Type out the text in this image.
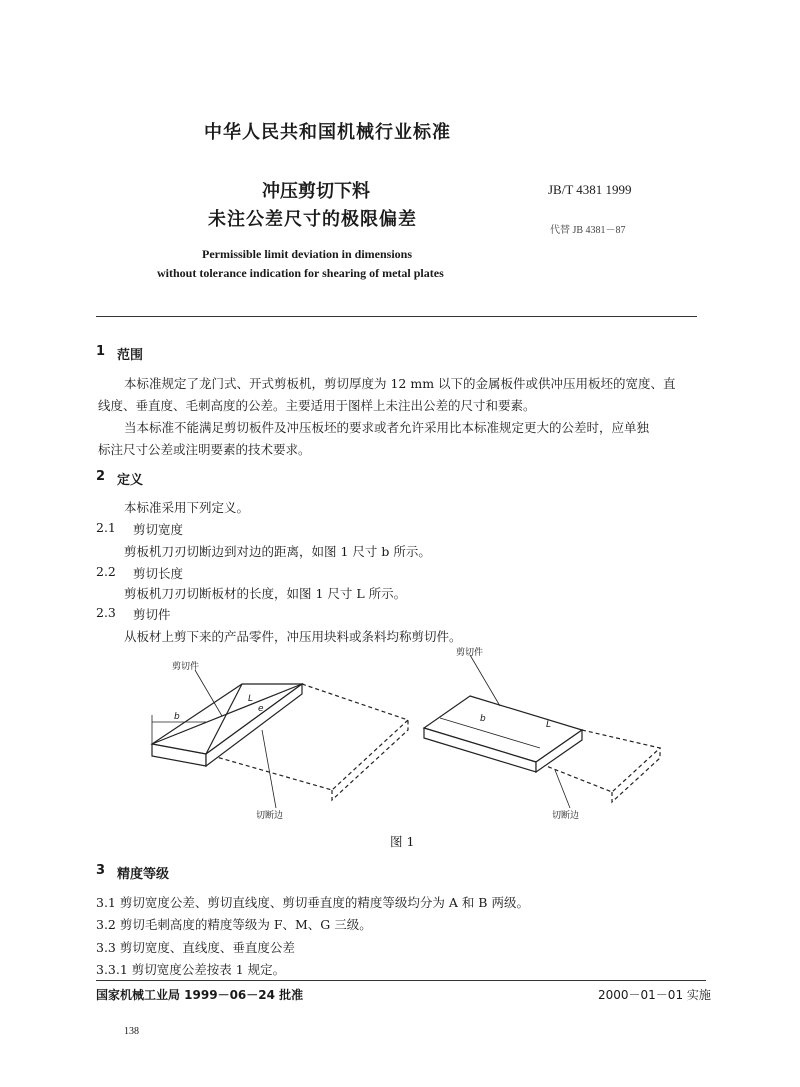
中华人民共和国机械行业标准
冲压剪切下料
未注公差尺寸的极限偏差
JB/T 4381 1999
代替 JB 4381－87
Permissible limit deviation in dimensions
without tolerance indication for shearing of metal plates
1 范围
本标准规定了龙门式、开式剪板机，剪切厚度为 12 mm 以下的金属板件或供冲压用板坯的宽度、直
线度、垂直度、毛刺高度的公差。主要适用于图样上未注出公差的尺寸和要素。
当本标准不能满足剪切板件及冲压板坯的要求或者允许采用比本标准规定更大的公差时，应单独
标注尺寸公差或注明要素的技术要求。
2 定义
本标准采用下列定义。
2.1 剪切宽度
剪板机刀刃切断边到对边的距离，如图 1 尺寸 b 所示。
2.2 剪切长度
剪板机刀刃切断板材的长度，如图 1 尺寸 L 所示。
2.3 剪切件
从板材上剪下来的产品零件，冲压用块料或条料均称剪切件。
剪切件
b
L
e
切断边
剪切件
b
L
切断边
图 1
3 精度等级
3.1 剪切宽度公差、剪切直线度、剪切垂直度的精度等级均分为 A 和 B 两级。
3.2 剪切毛刺高度的精度等级为 F、M、G 三级。
3.3 剪切宽度、直线度、垂直度公差
3.3.1 剪切宽度公差按表 1 规定。
国家机械工业局 1999－06－24 批准	2000－01－01 实施
138
